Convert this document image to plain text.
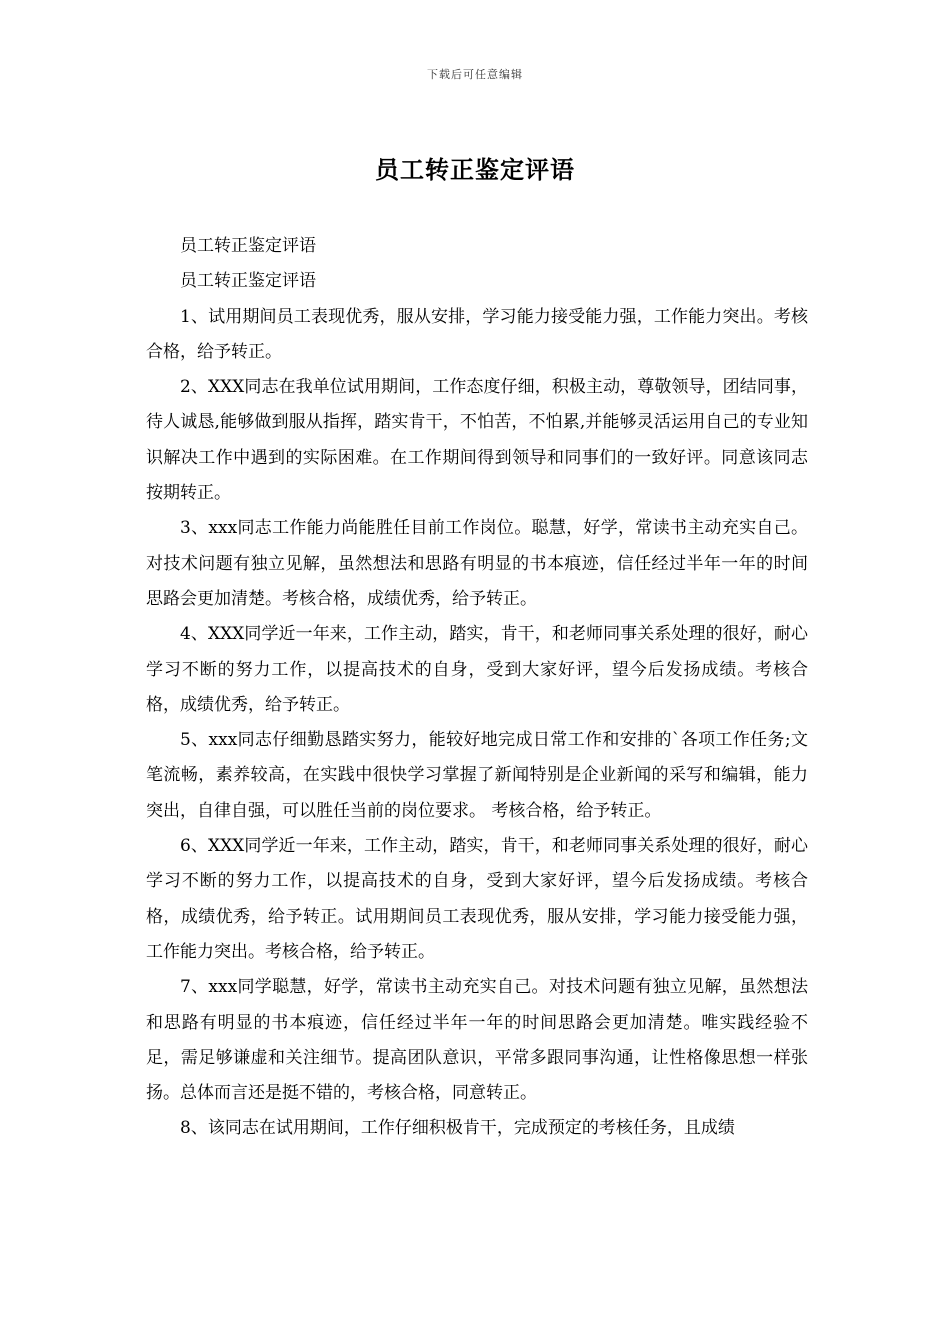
下载后可任意编辑
员工转正鉴定评语

员工转正鉴定评语

员工转正鉴定评语

1、试用期间员工表现优秀，服从安排，学习能力接受能力强，工作能力突出。考核合格，给予转正。

2、XXX同志在我单位试用期间，工作态度仔细，积极主动，尊敬领导，团结同事，待人诚恳,能够做到服从指挥，踏实肯干，不怕苦，不怕累,并能够灵活运用自己的专业知识解决工作中遇到的实际困难。在工作期间得到领导和同事们的一致好评。同意该同志按期转正。

3、xxx同志工作能力尚能胜任目前工作岗位。聪慧，好学，常读书主动充实自己。对技术问题有独立见解，虽然想法和思路有明显的书本痕迹，信任经过半年一年的时间思路会更加清楚。考核合格，成绩优秀，给予转正。

4、XXX同学近一年来，工作主动，踏实，肯干，和老师同事关系处理的很好，耐心学习不断的努力工作，以提高技术的自身，受到大家好评，望今后发扬成绩。考核合格，成绩优秀，给予转正。

5、xxx同志仔细勤恳踏实努力，能较好地完成日常工作和安排的`各项工作任务;文笔流畅，素养较高，在实践中很快学习掌握了新闻特别是企业新闻的采写和编辑，能力突出，自律自强，可以胜任当前的岗位要求。 考核合格，给予转正。

6、XXX同学近一年来，工作主动，踏实，肯干，和老师同事关系处理的很好，耐心学习不断的努力工作，以提高技术的自身，受到大家好评，望今后发扬成绩。考核合格，成绩优秀，给予转正。试用期间员工表现优秀，服从安排，学习能力接受能力强，工作能力突出。考核合格，给予转正。

7、xxx同学聪慧，好学，常读书主动充实自己。对技术问题有独立见解，虽然想法和思路有明显的书本痕迹，信任经过半年一年的时间思路会更加清楚。唯实践经验不足，需足够谦虚和关注细节。提高团队意识，平常多跟同事沟通，让性格像思想一样张扬。总体而言还是挺不错的，考核合格，同意转正。

8、该同志在试用期间，工作仔细积极肯干，完成预定的考核任务，且成绩
